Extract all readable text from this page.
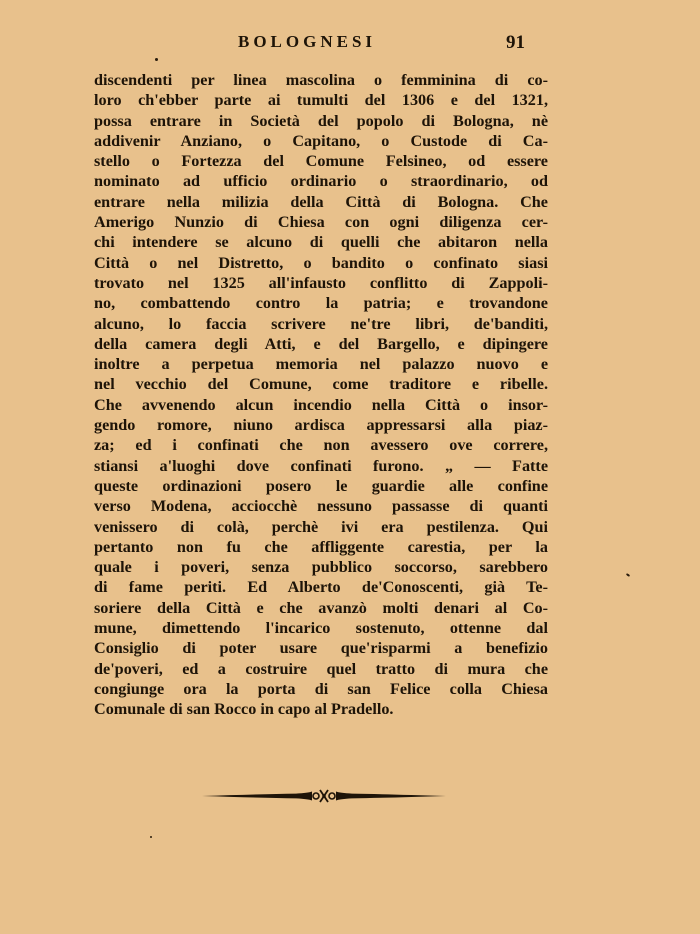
BOLOGNESI	91
discendenti per linea mascolina o femminina di co-
loro ch'ebber parte ai tumulti del 1306 e del 1321,
possa entrare in Società del popolo di Bologna, nè
addivenir Anziano, o Capitano, o Custode di Ca-
stello o Fortezza del Comune Felsineo, od essere
nominato ad ufficio ordinario o straordinario, od
entrare nella milizia della Città di Bologna. Che
Amerigo Nunzio di Chiesa con ogni diligenza cer-
chi intendere se alcuno di quelli che abitaron nella
Città o nel Distretto, o bandito o confinato siasi
trovato nel 1325 all'infausto conflitto di Zappoli-
no, combattendo contro la patria; e trovandone
alcuno, lo faccia scrivere ne'tre libri, de'banditi,
della camera degli Atti, e del Bargello, e dipingere
inoltre a perpetua memoria nel palazzo nuovo e
nel vecchio del Comune, come traditore e ribelle.
Che avvenendo alcun incendio nella Città o insor-
gendo romore, niuno ardisca appressarsi alla piaz-
za; ed i confinati che non avessero ove correre,
stiansi a'luoghi dove confinati furono. „ — Fatte
queste ordinazioni posero le guardie alle confine
verso Modena, acciocchè nessuno passasse di quanti
venissero di colà, perchè ivi era pestilenza. Qui
pertanto non fu che affliggente carestia, per la
quale i poveri, senza pubblico soccorso, sarebbero
di fame periti. Ed Alberto de'Conoscenti, già Te-
soriere della Città e che avanzò molti denari al Co-
mune, dimettendo l'incarico sostenuto, ottenne dal
Consiglio di poter usare que'risparmi a benefizio
de'poveri, ed a costruire quel tratto di mura che
congiunge ora la porta di san Felice colla Chiesa
Comunale di san Rocco in capo al Pradello.
